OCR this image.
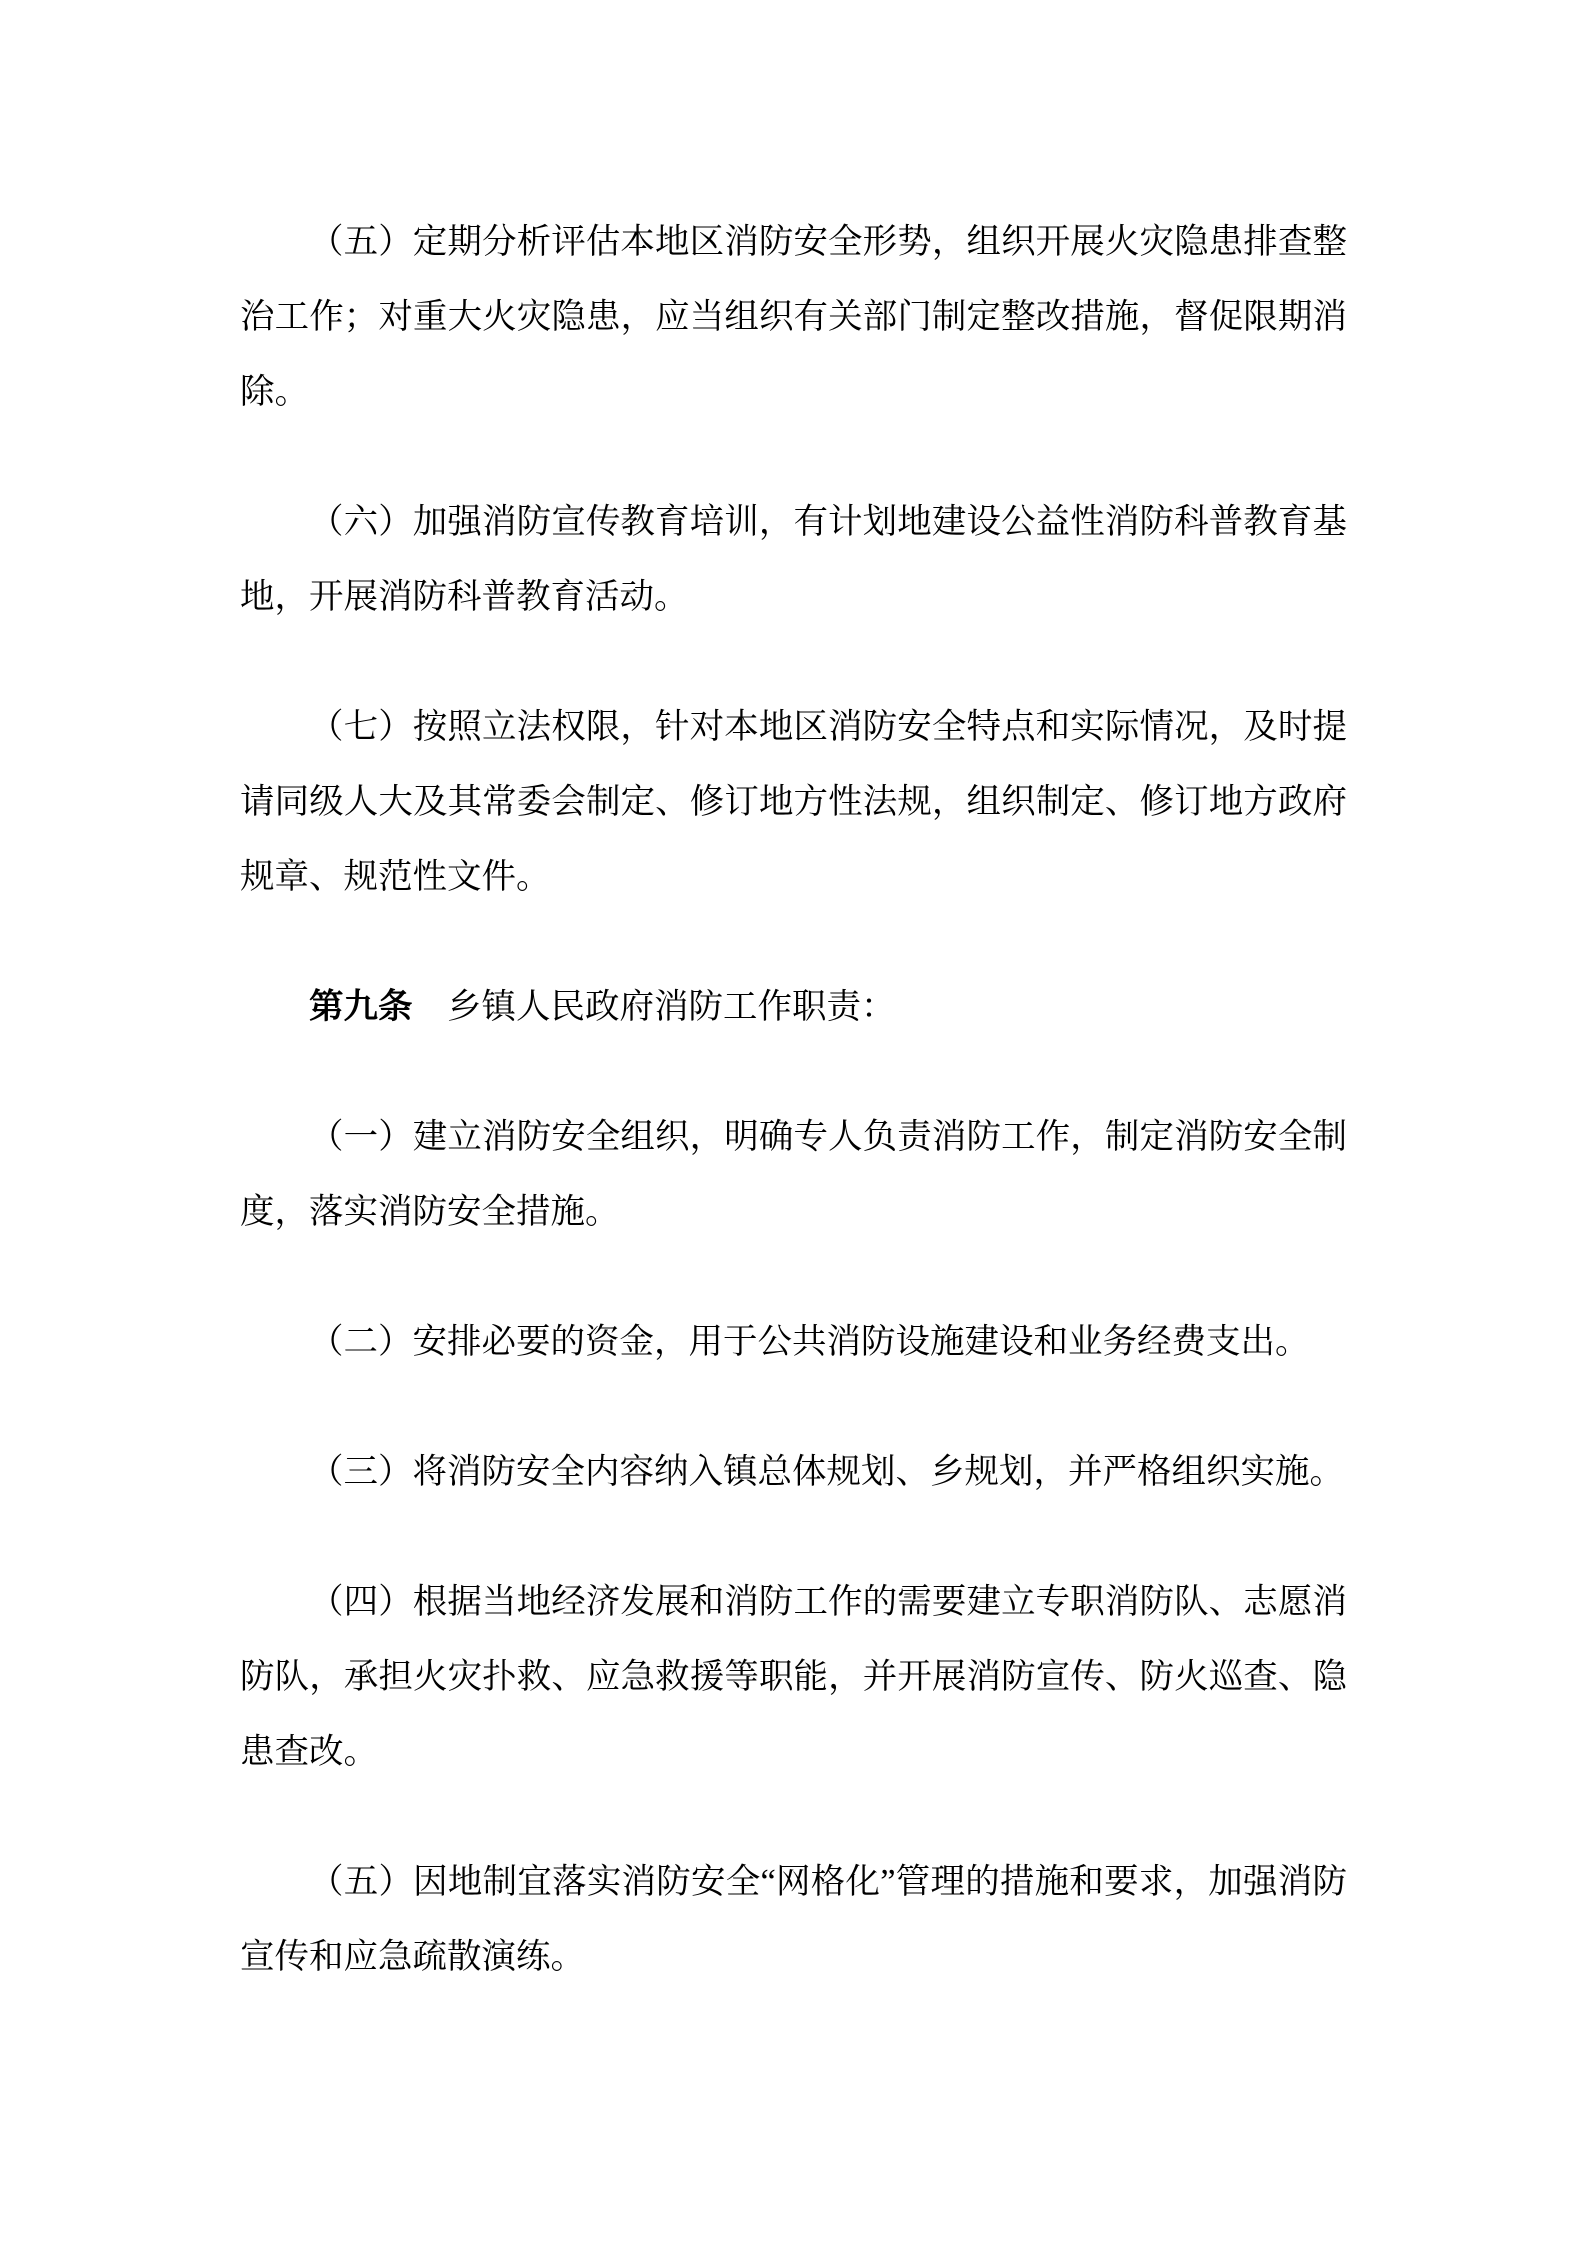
（五）定期分析评估本地区消防安全形势，组织开展火灾隐患排查整治工作；对重大火灾隐患，应当组织有关部门制定整改措施，督促限期消除。

（六）加强消防宣传教育培训，有计划地建设公益性消防科普教育基地，开展消防科普教育活动。

（七）按照立法权限，针对本地区消防安全特点和实际情况，及时提请同级人大及其常委会制定、修订地方性法规，组织制定、修订地方政府规章、规范性文件。

第九条　乡镇人民政府消防工作职责：

（一）建立消防安全组织，明确专人负责消防工作，制定消防安全制度，落实消防安全措施。

（二）安排必要的资金，用于公共消防设施建设和业务经费支出。

（三）将消防安全内容纳入镇总体规划、乡规划，并严格组织实施。

（四）根据当地经济发展和消防工作的需要建立专职消防队、志愿消防队，承担火灾扑救、应急救援等职能，并开展消防宣传、防火巡查、隐患查改。

（五）因地制宜落实消防安全“网格化”管理的措施和要求，加强消防宣传和应急疏散演练。
